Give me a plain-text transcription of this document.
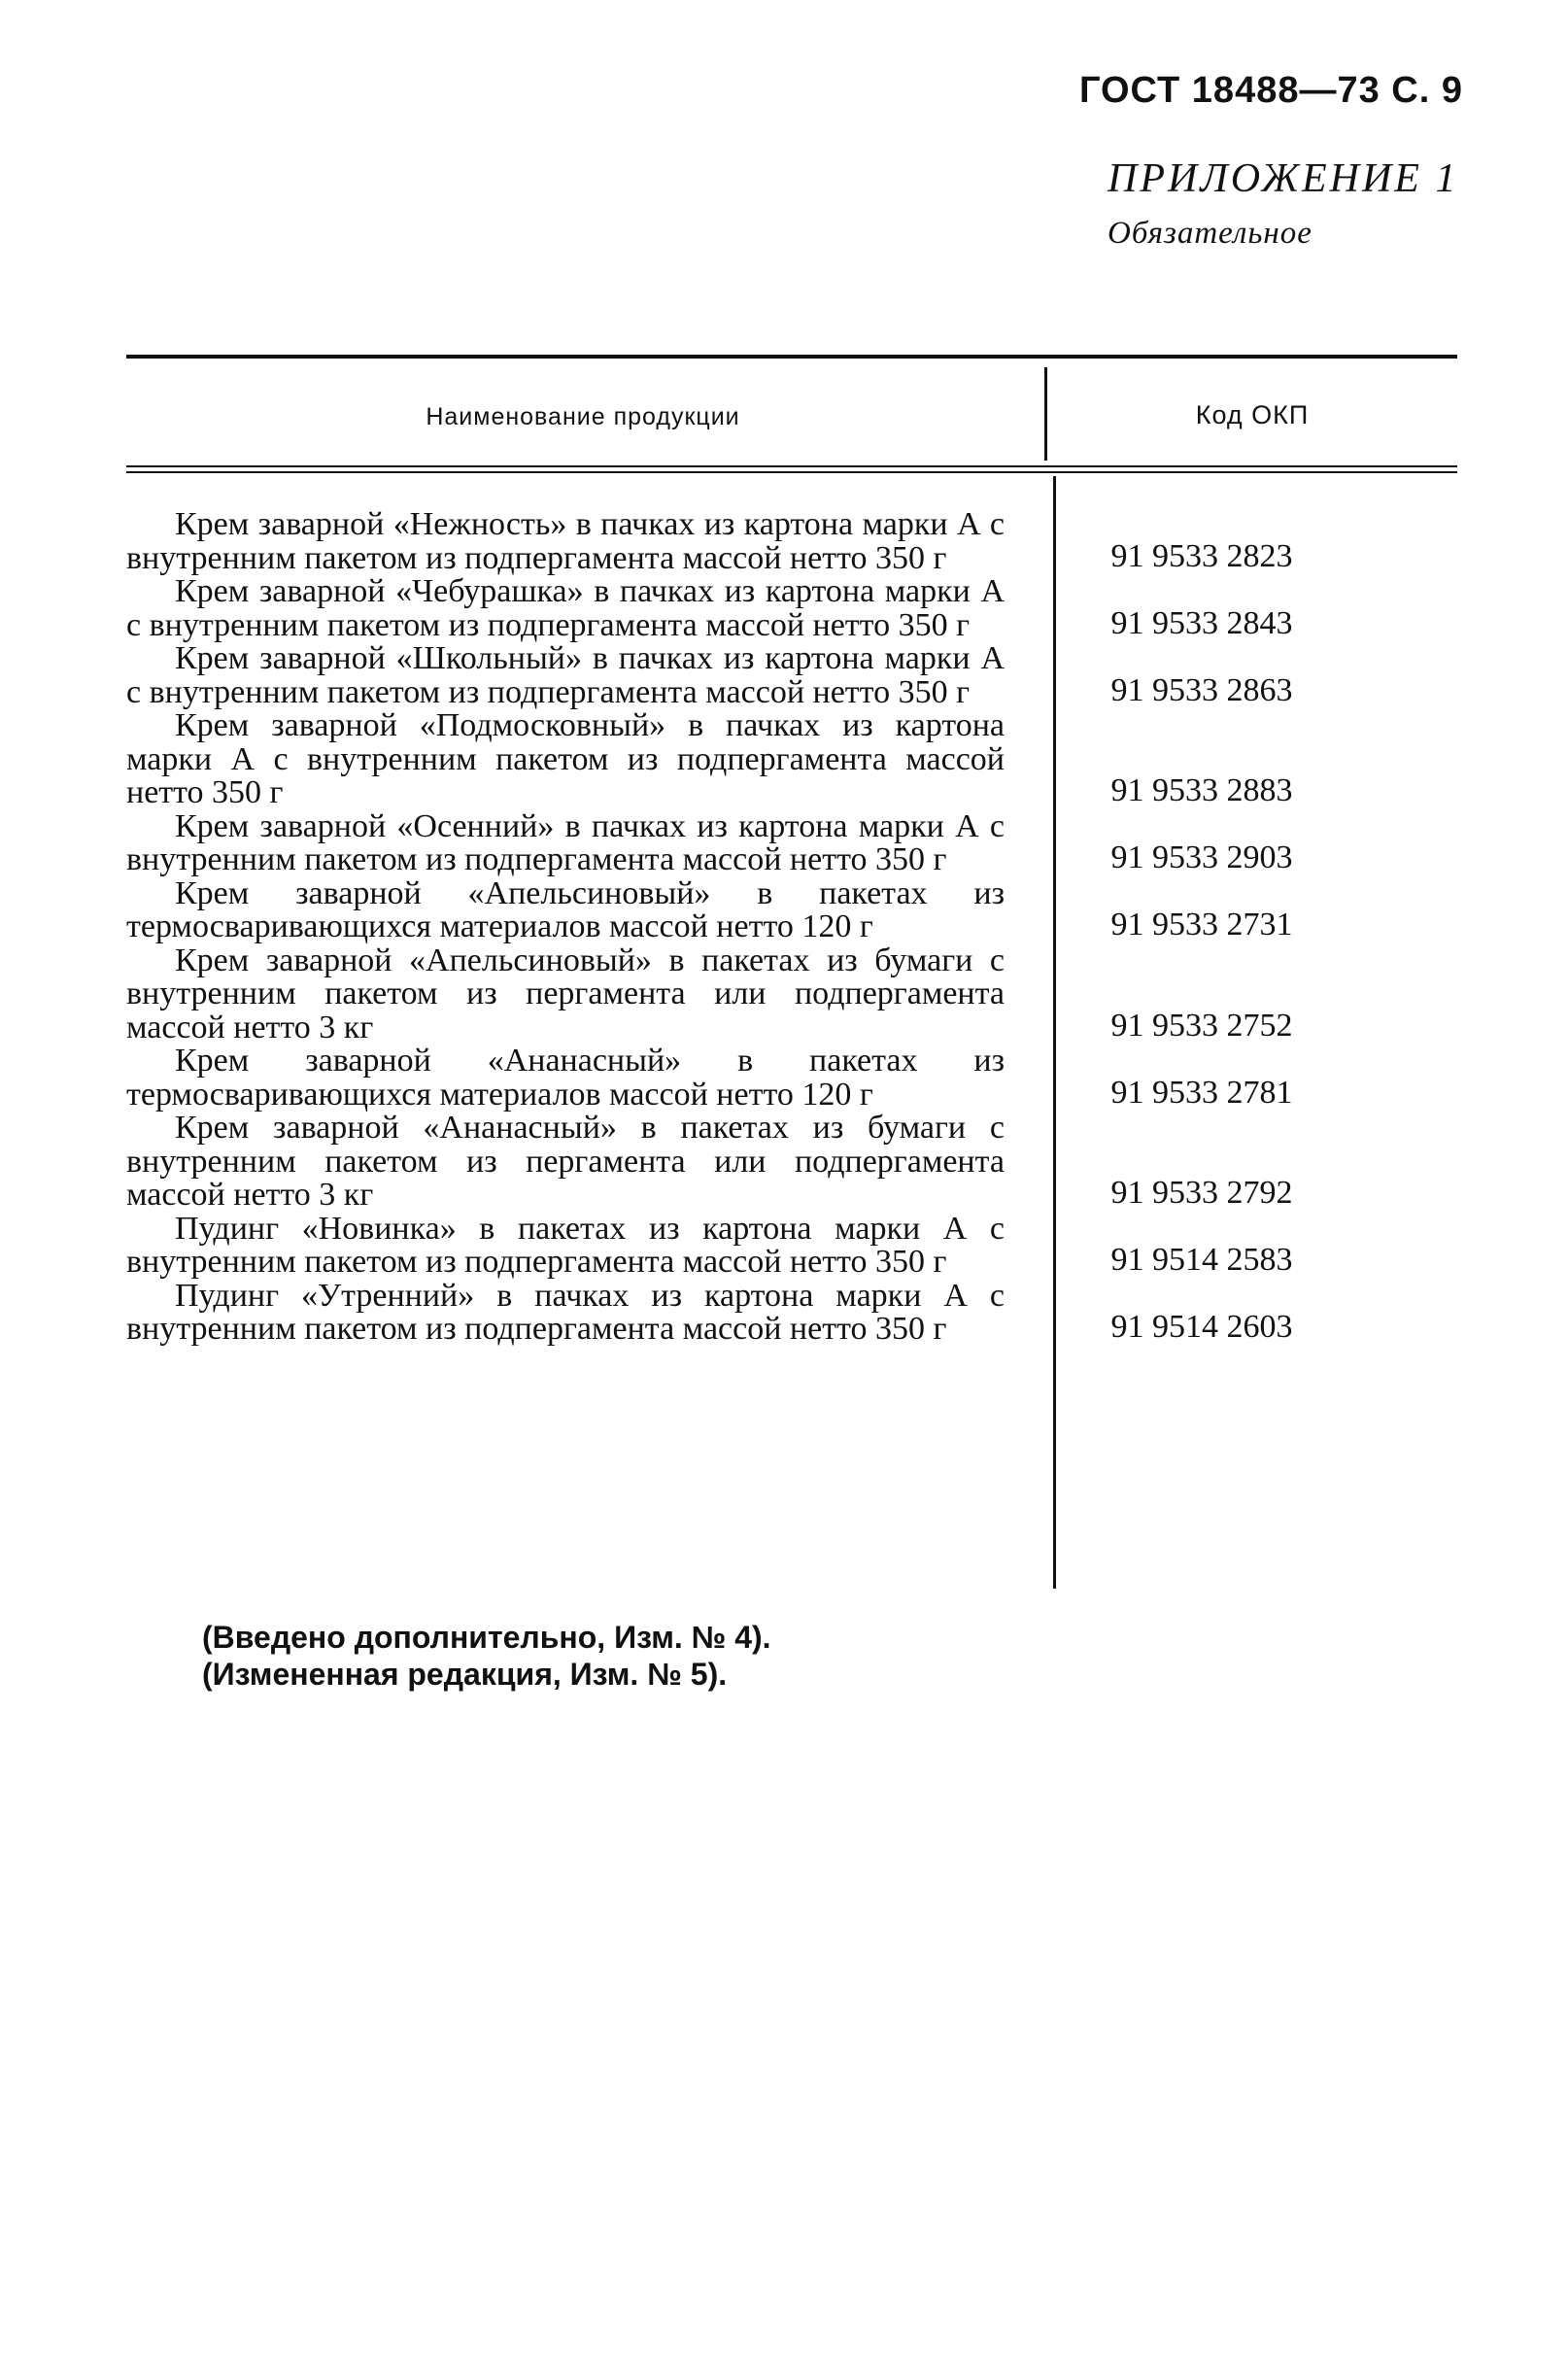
ГОСТ 18488—73 С. 9
ПРИЛОЖЕНИЕ 1
Обязательное
Наименование продукции	Код ОКП
Крем заварной «Нежность» в пачках из картона марки А с внутренним пакетом из подпергамента массой нетто 350 г	91 9533 2823
Крем заварной «Чебурашка» в пачках из картона марки А с внутренним пакетом из подпергамента массой нетто 350 г	91 9533 2843
Крем заварной «Школьный» в пачках из картона марки А с внутренним пакетом из подпергамента массой нетто 350 г	91 9533 2863
Крем заварной «Подмосковный» в пачках из картона марки А с внутренним пакетом из подпергамента массой нетто 350 г	91 9533 2883
Крем заварной «Осенний» в пачках из картона марки А с внутренним пакетом из подпергамента массой нетто 350 г	91 9533 2903
Крем заварной «Апельсиновый» в пакетах из термосваривающихся материалов массой нетто 120 г	91 9533 2731
Крем заварной «Апельсиновый» в пакетах из бумаги с внутренним пакетом из пергамента или подпергамента массой нетто 3 кг	91 9533 2752
Крем заварной «Ананасный» в пакетах из термосваривающихся материалов массой нетто 120 г	91 9533 2781
Крем заварной «Ананасный» в пакетах из бумаги с внутренним пакетом из пергамента или подпергамента массой нетто 3 кг	91 9533 2792
Пудинг «Новинка» в пакетах из картона марки А с внутренним пакетом из подпергамента массой нетто 350 г	91 9514 2583
Пудинг «Утренний» в пачках из картона марки А с внутренним пакетом из подпергамента массой нетто 350 г	91 9514 2603
(Введено дополнительно, Изм. № 4).
(Измененная редакция, Изм. № 5).
